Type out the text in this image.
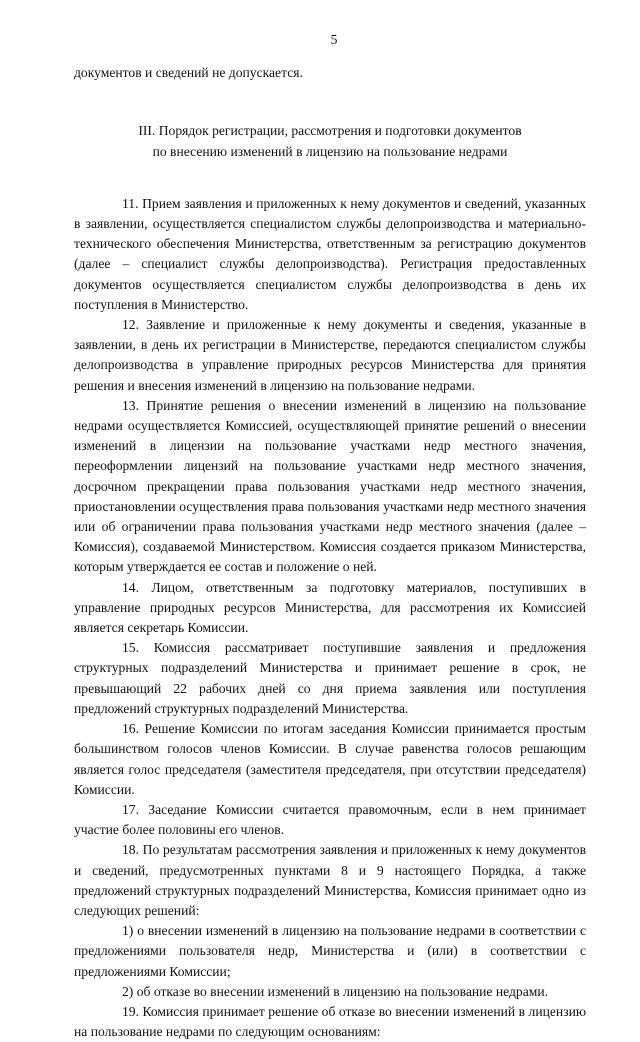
5

документов и сведений не допускается.

III. Порядок регистрации, рассмотрения и подготовки документов
по внесению изменений в лицензию на пользование недрами

11. Прием заявления и приложенных к нему документов и сведений, указанных в заявлении, осуществляется специалистом службы делопроизводства и материально-технического обеспечения Министерства, ответственным за регистрацию документов (далее – специалист службы делопроизводства). Регистрация предоставленных документов осуществляется специалистом службы делопроизводства в день их поступления в Министерство.

12. Заявление и приложенные к нему документы и сведения, указанные в заявлении, в день их регистрации в Министерстве, передаются специалистом службы делопроизводства в управление природных ресурсов Министерства для принятия решения и внесения изменений в лицензию на пользование недрами.

13. Принятие решения о внесении изменений в лицензию на пользование недрами осуществляется Комиссией, осуществляющей принятие решений о внесении изменений в лицензии на пользование участками недр местного значения, переоформлении лицензий на пользование участками недр местного значения, досрочном прекращении права пользования участками недр местного значения, приостановлении осуществления права пользования участками недр местного значения или об ограничении права пользования участками недр местного значения (далее – Комиссия), создаваемой Министерством. Комиссия создается приказом Министерства, которым утверждается ее состав и положение о ней.

14. Лицом, ответственным за подготовку материалов, поступивших в управление природных ресурсов Министерства, для рассмотрения их Комиссией является секретарь Комиссии.

15. Комиссия рассматривает поступившие заявления и предложения структурных подразделений Министерства и принимает решение в срок, не превышающий 22 рабочих дней со дня приема заявления или поступления предложений структурных подразделений Министерства.

16. Решение Комиссии по итогам заседания Комиссии принимается простым большинством голосов членов Комиссии. В случае равенства голосов решающим является голос председателя (заместителя председателя, при отсутствии председателя) Комиссии.

17. Заседание Комиссии считается правомочным, если в нем принимает участие более половины его членов.

18. По результатам рассмотрения заявления и приложенных к нему документов и сведений, предусмотренных пунктами 8 и 9 настоящего Порядка, а также предложений структурных подразделений Министерства, Комиссия принимает одно из следующих решений:

1) о внесении изменений в лицензию на пользование недрами в соответствии с предложениями пользователя недр, Министерства и (или) в соответствии с предложениями Комиссии;

2) об отказе во внесении изменений в лицензию на пользование недрами.

19. Комиссия принимает решение об отказе во внесении изменений в лицензию на пользование недрами по следующим основаниям:
